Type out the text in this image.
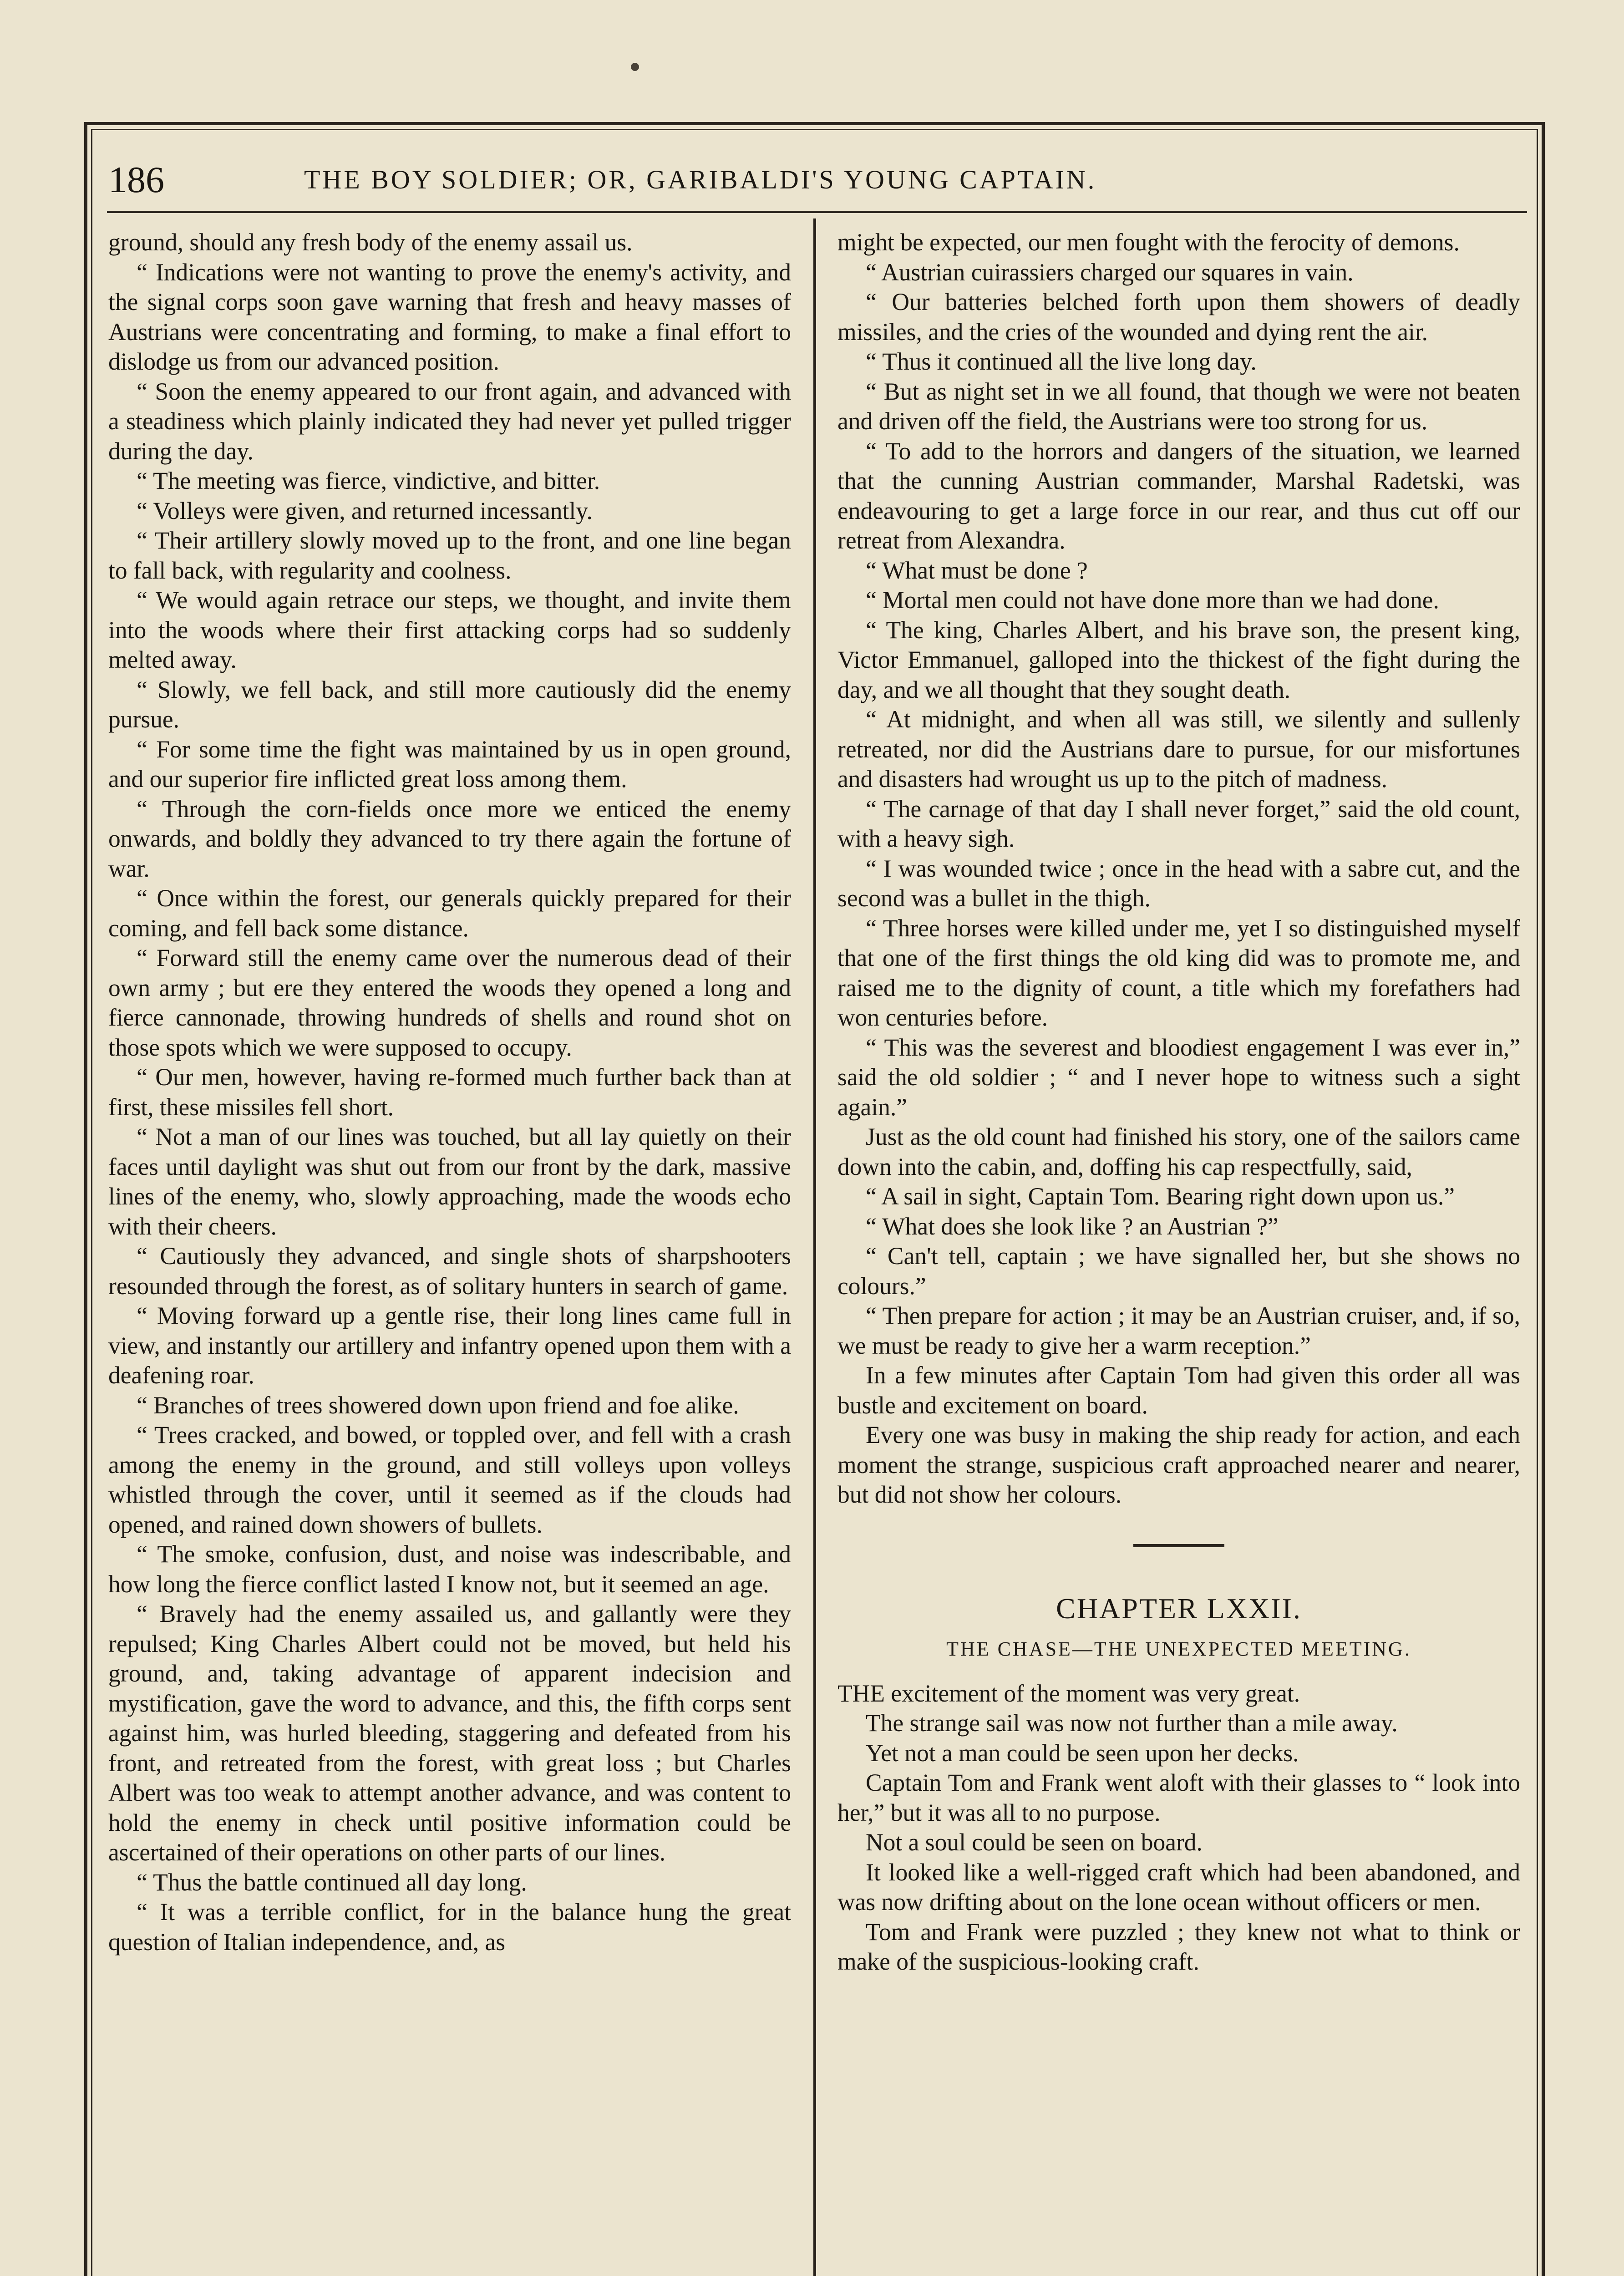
186	THE BOY SOLDIER; OR, GARIBALDI'S YOUNG CAPTAIN.

ground, should any fresh body of the enemy assail us.

“ Indications were not wanting to prove the enemy's activity, and the signal corps soon gave warning that fresh and heavy masses of Austrians were concentrating and forming, to make a final effort to dislodge us from our advanced position.

“ Soon the enemy appeared to our front again, and advanced with a steadiness which plainly indicated they had never yet pulled trigger during the day.

“ The meeting was fierce, vindictive, and bitter.

“ Volleys were given, and returned incessantly.

“ Their artillery slowly moved up to the front, and one line began to fall back, with regularity and coolness.

“ We would again retrace our steps, we thought, and invite them into the woods where their first attacking corps had so suddenly melted away.

“ Slowly, we fell back, and still more cautiously did the enemy pursue.

“ For some time the fight was maintained by us in open ground, and our superior fire inflicted great loss among them.

“ Through the corn-fields once more we enticed the enemy onwards, and boldly they advanced to try there again the fortune of war.

“ Once within the forest, our generals quickly prepared for their coming, and fell back some distance.

“ Forward still the enemy came over the numerous dead of their own army ; but ere they entered the woods they opened a long and fierce cannonade, throwing hundreds of shells and round shot on those spots which we were supposed to occupy.

“ Our men, however, having re-formed much further back than at first, these missiles fell short.

“ Not a man of our lines was touched, but all lay quietly on their faces until daylight was shut out from our front by the dark, massive lines of the enemy, who, slowly approaching, made the woods echo with their cheers.

“ Cautiously they advanced, and single shots of sharpshooters resounded through the forest, as of solitary hunters in search of game.

“ Moving forward up a gentle rise, their long lines came full in view, and instantly our artillery and infantry opened upon them with a deafening roar.

“ Branches of trees showered down upon friend and foe alike.

“ Trees cracked, and bowed, or toppled over, and fell with a crash among the enemy in the ground, and still volleys upon volleys whistled through the cover, until it seemed as if the clouds had opened, and rained down showers of bullets.

“ The smoke, confusion, dust, and noise was indescribable, and how long the fierce conflict lasted I know not, but it seemed an age.

“ Bravely had the enemy assailed us, and gallantly were they repulsed; King Charles Albert could not be moved, but held his ground, and, taking advantage of apparent indecision and mystification, gave the word to advance, and this, the fifth corps sent against him, was hurled bleeding, staggering and defeated from his front, and retreated from the forest, with great loss ; but Charles Albert was too weak to attempt another advance, and was content to hold the enemy in check until positive information could be ascertained of their operations on other parts of our lines.

“ Thus the battle continued all day long.

“ It was a terrible conflict, for in the balance hung the great question of Italian independence, and, as

might be expected, our men fought with the ferocity of demons.

“ Austrian cuirassiers charged our squares in vain.

“ Our batteries belched forth upon them showers of deadly missiles, and the cries of the wounded and dying rent the air.

“ Thus it continued all the live long day.

“ But as night set in we all found, that though we were not beaten and driven off the field, the Austrians were too strong for us.

“ To add to the horrors and dangers of the situation, we learned that the cunning Austrian commander, Marshal Radetski, was endeavouring to get a large force in our rear, and thus cut off our retreat from Alexandra.

“ What must be done ?

“ Mortal men could not have done more than we had done.

“ The king, Charles Albert, and his brave son, the present king, Victor Emmanuel, galloped into the thickest of the fight during the day, and we all thought that they sought death.

“ At midnight, and when all was still, we silently and sullenly retreated, nor did the Austrians dare to pursue, for our misfortunes and disasters had wrought us up to the pitch of madness.

“ The carnage of that day I shall never forget,” said the old count, with a heavy sigh.

“ I was wounded twice ; once in the head with a sabre cut, and the second was a bullet in the thigh.

“ Three horses were killed under me, yet I so distinguished myself that one of the first things the old king did was to promote me, and raised me to the dignity of count, a title which my forefathers had won centuries before.

“ This was the severest and bloodiest engagement I was ever in,” said the old soldier ; “ and I never hope to witness such a sight again.”

Just as the old count had finished his story, one of the sailors came down into the cabin, and, doffing his cap respectfully, said,

“ A sail in sight, Captain Tom. Bearing right down upon us.”

“ What does she look like ? an Austrian ?”

“ Can't tell, captain ; we have signalled her, but she shows no colours.”

“ Then prepare for action ; it may be an Austrian cruiser, and, if so, we must be ready to give her a warm reception.”

In a few minutes after Captain Tom had given this order all was bustle and excitement on board.

Every one was busy in making the ship ready for action, and each moment the strange, suspicious craft approached nearer and nearer, but did not show her colours.

CHAPTER LXXII.
THE CHASE—THE UNEXPECTED MEETING.

THE excitement of the moment was very great.

The strange sail was now not further than a mile away.

Yet not a man could be seen upon her decks.

Captain Tom and Frank went aloft with their glasses to “ look into her,” but it was all to no purpose.

Not a soul could be seen on board.

It looked like a well-rigged craft which had been abandoned, and was now drifting about on the lone ocean without officers or men.

Tom and Frank were puzzled ; they knew not what to think or make of the suspicious-looking craft.
